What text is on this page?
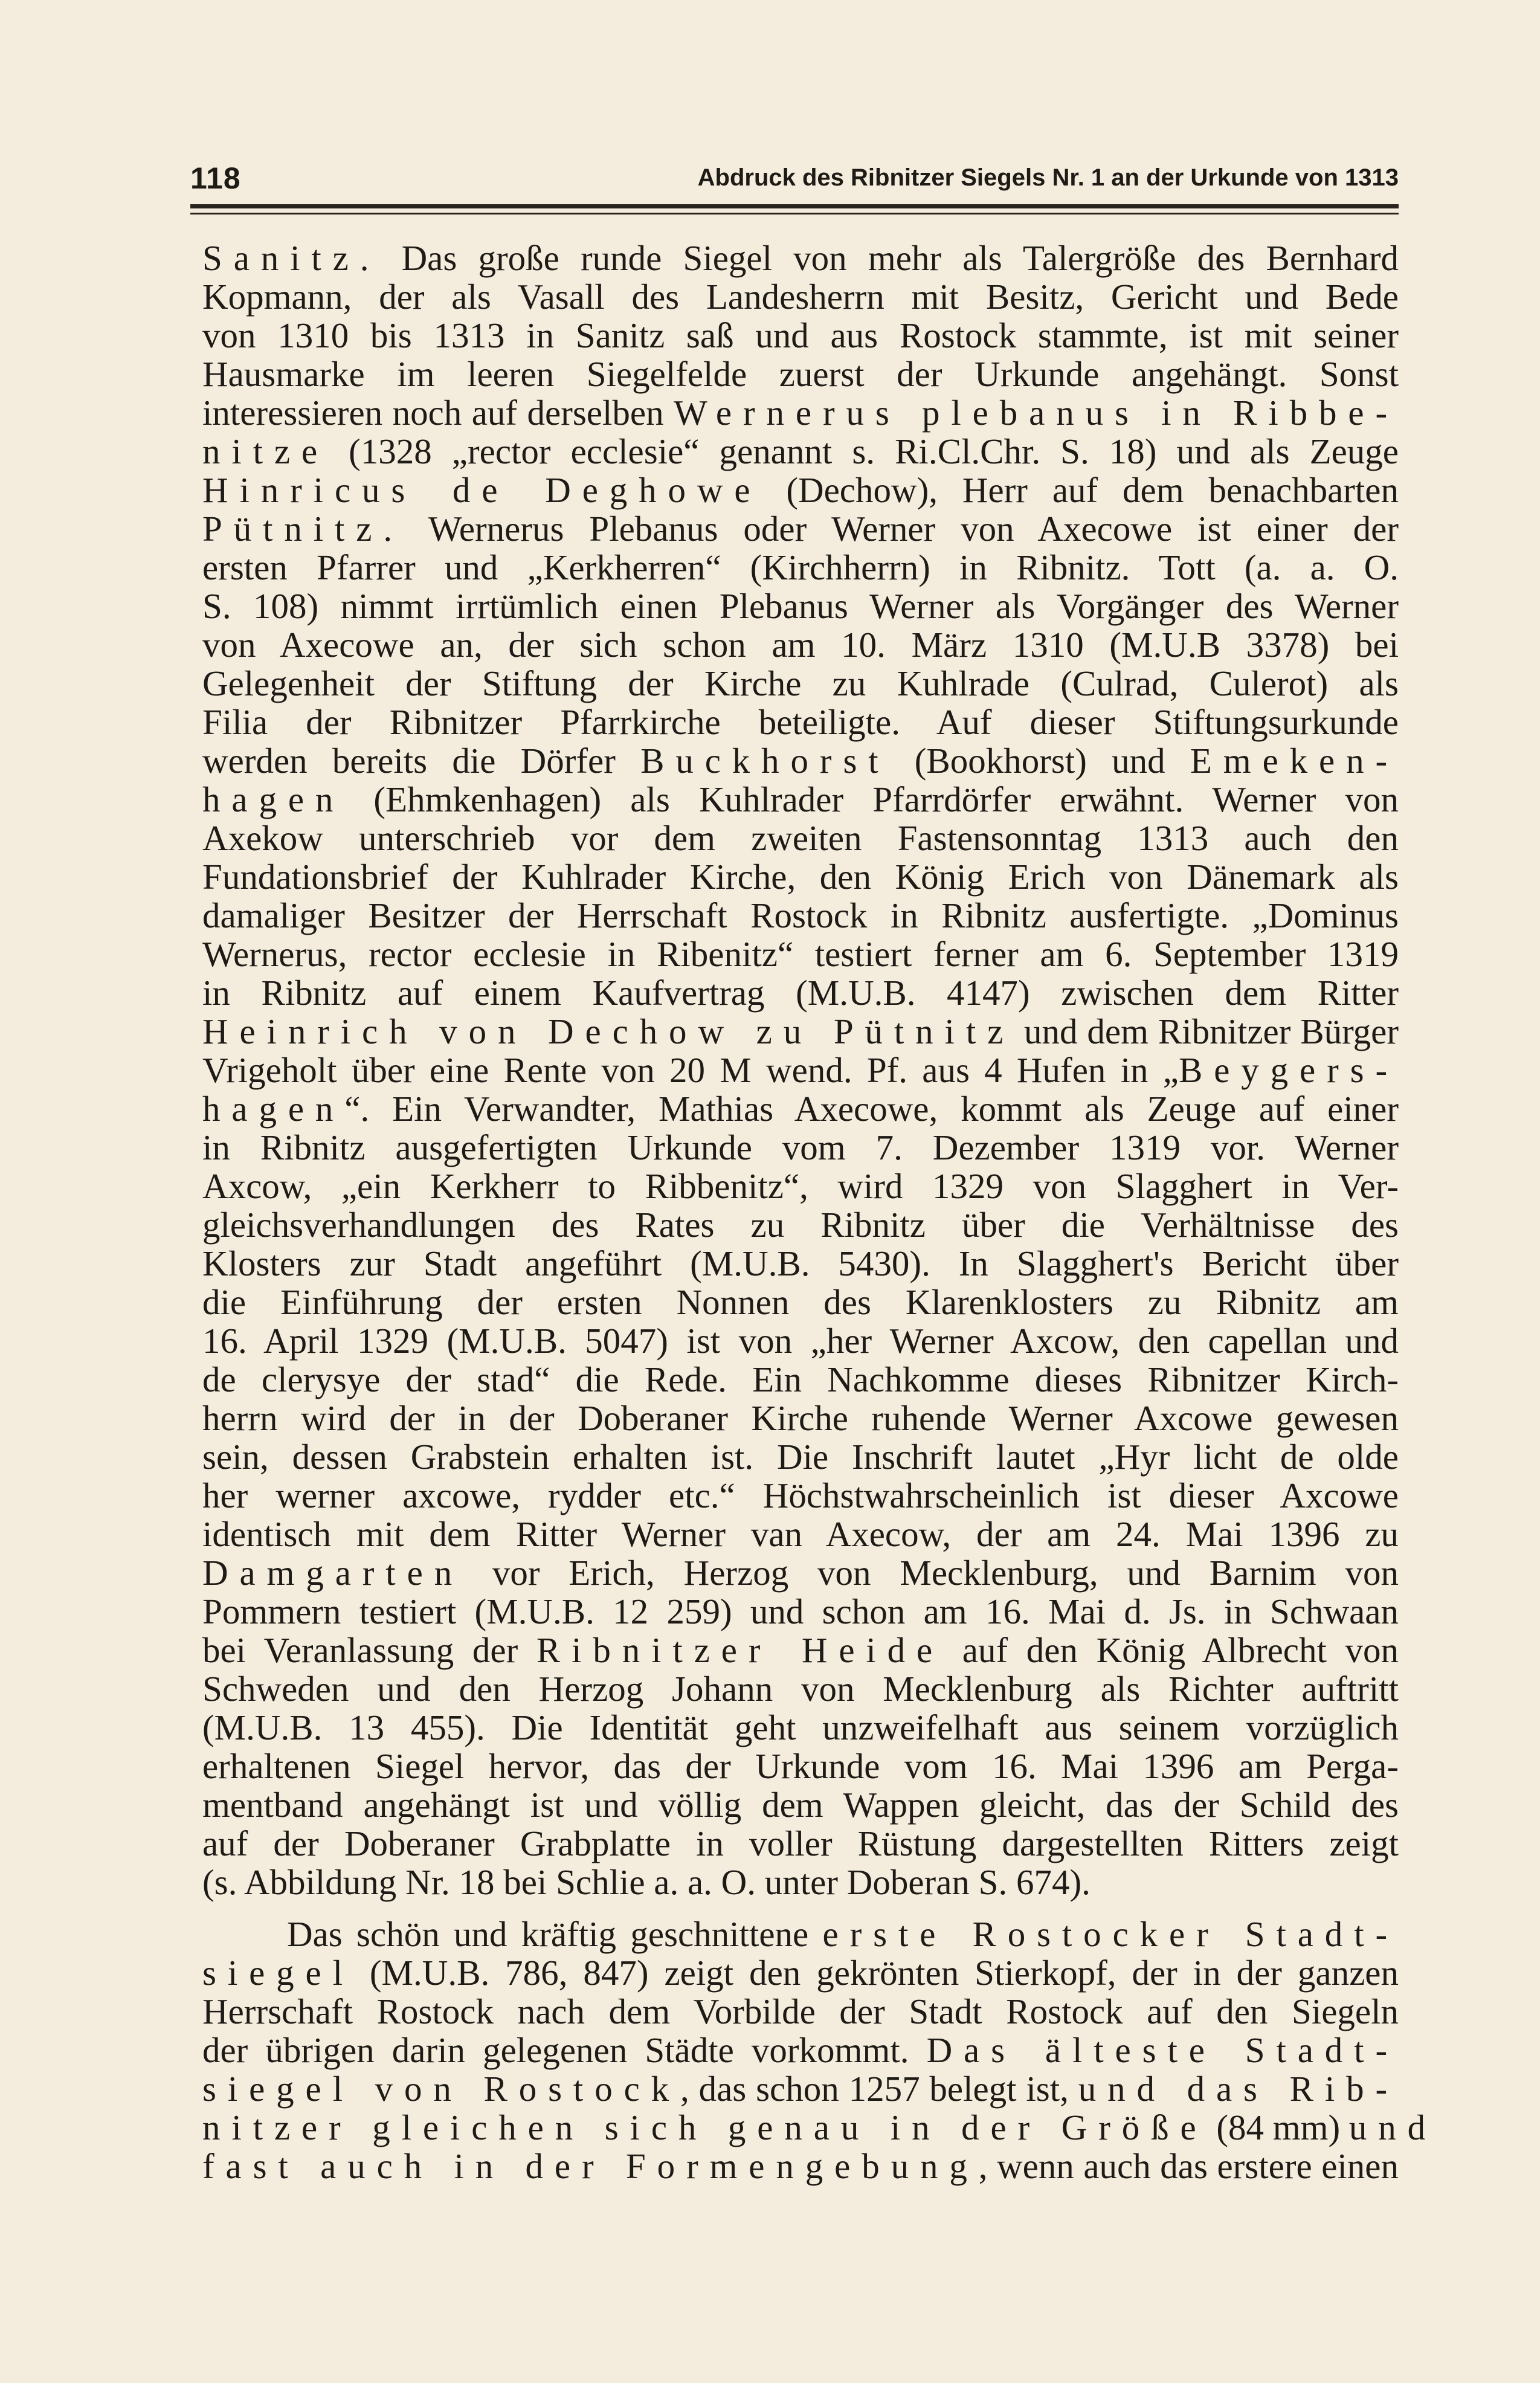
118	Abdruck des Ribnitzer Siegels Nr. 1 an der Urkunde von 1313
Sanitz. Das große runde Siegel von mehr als Talergröße des Bernhard
Kopmann, der als Vasall des Landesherrn mit Besitz, Gericht und Bede
von 1310 bis 1313 in Sanitz saß und aus Rostock stammte, ist mit seiner
Hausmarke im leeren Siegelfelde zuerst der Urkunde angehängt. Sonst
interessieren noch auf derselben Wernerus plebanus in Ribbe-
nitze (1328 „rector ecclesie“ genannt s. Ri.Cl.Chr. S. 18) und als Zeuge
Hinricus de Deghowe (Dechow), Herr auf dem benachbarten
Pütnitz. Wernerus Plebanus oder Werner von Axecowe ist einer der
ersten Pfarrer und „Kerkherren“ (Kirchherrn) in Ribnitz. Tott (a. a. O.
S. 108) nimmt irrtümlich einen Plebanus Werner als Vorgänger des Werner
von Axecowe an, der sich schon am 10. März 1310 (M.U.B 3378) bei
Gelegenheit der Stiftung der Kirche zu Kuhlrade (Culrad, Culerot) als
Filia der Ribnitzer Pfarrkirche beteiligte. Auf dieser Stiftungsurkunde
werden bereits die Dörfer Buckhorst (Bookhorst) und Emeken-
hagen (Ehmkenhagen) als Kuhlrader Pfarrdörfer erwähnt. Werner von
Axekow unterschrieb vor dem zweiten Fastensonntag 1313 auch den
Fundationsbrief der Kuhlrader Kirche, den König Erich von Dänemark als
damaliger Besitzer der Herrschaft Rostock in Ribnitz ausfertigte. „Dominus
Wernerus, rector ecclesie in Ribenitz“ testiert ferner am 6. September 1319
in Ribnitz auf einem Kaufvertrag (M.U.B. 4147) zwischen dem Ritter
Heinrich von Dechow zu Pütnitz und dem Ribnitzer Bürger
Vrigeholt über eine Rente von 20 M wend. Pf. aus 4 Hufen in „Beygers-
hagen“. Ein Verwandter, Mathias Axecowe, kommt als Zeuge auf einer
in Ribnitz ausgefertigten Urkunde vom 7. Dezember 1319 vor. Werner
Axcow, „ein Kerkherr to Ribbenitz“, wird 1329 von Slagghert in Ver-
gleichsverhandlungen des Rates zu Ribnitz über die Verhältnisse des
Klosters zur Stadt angeführt (M.U.B. 5430). In Slagghert's Bericht über
die Einführung der ersten Nonnen des Klarenklosters zu Ribnitz am
16. April 1329 (M.U.B. 5047) ist von „her Werner Axcow, den capellan und
de clerysye der stad“ die Rede. Ein Nachkomme dieses Ribnitzer Kirch-
herrn wird der in der Doberaner Kirche ruhende Werner Axcowe gewesen
sein, dessen Grabstein erhalten ist. Die Inschrift lautet „Hyr licht de olde
her werner axcowe, rydder etc.“ Höchstwahrscheinlich ist dieser Axcowe
identisch mit dem Ritter Werner van Axecow, der am 24. Mai 1396 zu
Damgarten vor Erich, Herzog von Mecklenburg, und Barnim von
Pommern testiert (M.U.B. 12 259) und schon am 16. Mai d. Js. in Schwaan
bei Veranlassung der Ribnitzer Heide auf den König Albrecht von
Schweden und den Herzog Johann von Mecklenburg als Richter auftritt
(M.U.B. 13 455). Die Identität geht unzweifelhaft aus seinem vorzüglich
erhaltenen Siegel hervor, das der Urkunde vom 16. Mai 1396 am Perga-
mentband angehängt ist und völlig dem Wappen gleicht, das der Schild des
auf der Doberaner Grabplatte in voller Rüstung dargestellten Ritters zeigt
(s. Abbildung Nr. 18 bei Schlie a. a. O. unter Doberan S. 674).
Das schön und kräftig geschnittene erste Rostocker Stadt-
siegel (M.U.B. 786, 847) zeigt den gekrönten Stierkopf, der in der ganzen
Herrschaft Rostock nach dem Vorbilde der Stadt Rostock auf den Siegeln
der übrigen darin gelegenen Städte vorkommt. Das älteste Stadt-
siegel von Rostock, das schon 1257 belegt ist, und das Rib-
nitzer gleichen sich genau in der Größe (84 mm) und
fast auch in der Formengebung, wenn auch das erstere einen
